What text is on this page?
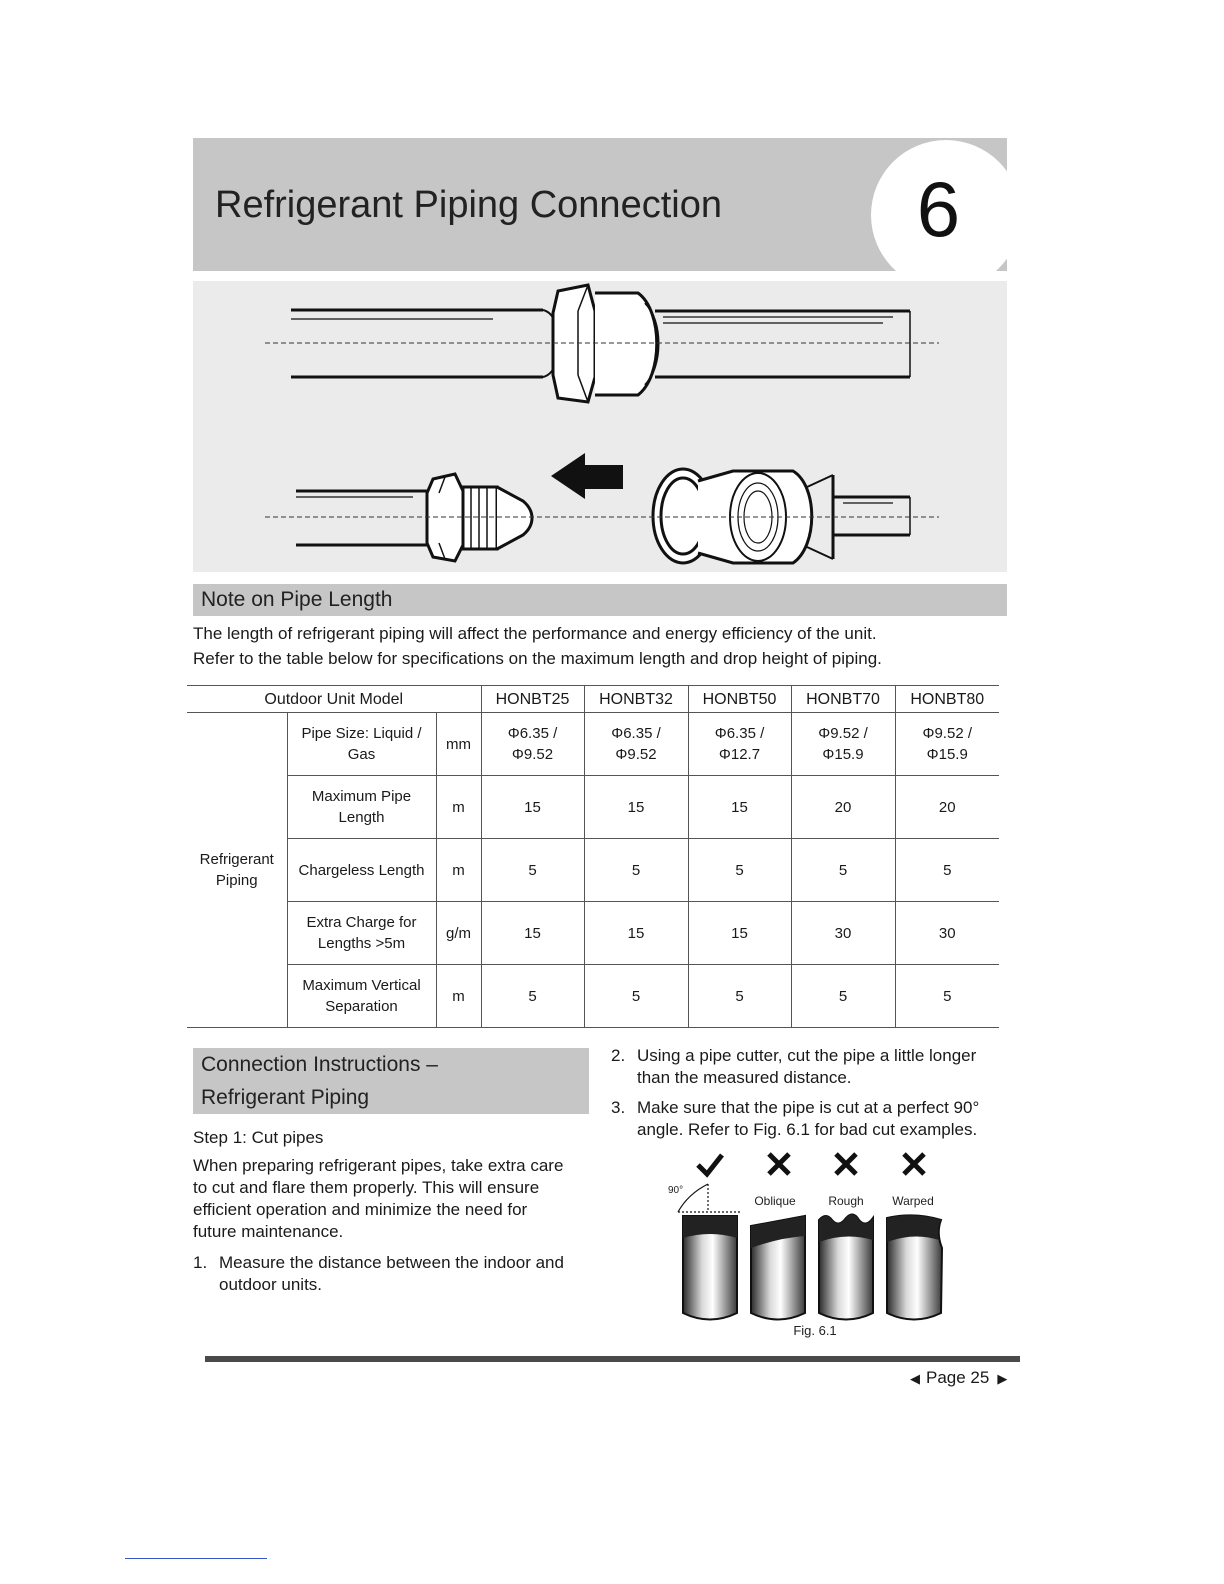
Refrigerant Piping Connection	6
Note on Pipe Length
The length of refrigerant piping will affect the performance and energy efficiency of the unit.
Refer to the table below for specifications on the maximum length and drop height of piping.
Outdoor Unit Model			HONBT25	HONBT32	HONBT50	HONBT70	HONBT80

Refrigerant Piping	Pipe Size: Liquid / Gas	mm	Φ6.35 / Φ9.52	Φ6.35 / Φ9.52	Φ6.35 / Φ12.7	Φ9.52 / Φ15.9	Φ9.52 / Φ15.9

	Maximum Pipe Length	m	15	15	15	20	20
	Chargeless Length	m	5	5	5	5	5

	Extra Charge for Lengths >5m	g/m	15	15	15	30	30

	Maximum Vertical Separation	m	5	5	5	5	5
Connection Instructions –
Refrigerant Piping
Step 1: Cut pipes
When preparing refrigerant pipes, take extra care
to cut and flare them properly. This will ensure
efficient operation and minimize the need for
future maintenance.
1. Measure the distance between the indoor and
outdoor units.
2. Using a pipe cutter, cut the pipe a little longer
than the measured distance.
3. Make sure that the pipe is cut at a perfect 90°
angle. Refer to Fig. 6.1 for bad cut examples.
90°
Oblique	Rough	Warped
Fig. 6.1
◀ Page 25 ▶
